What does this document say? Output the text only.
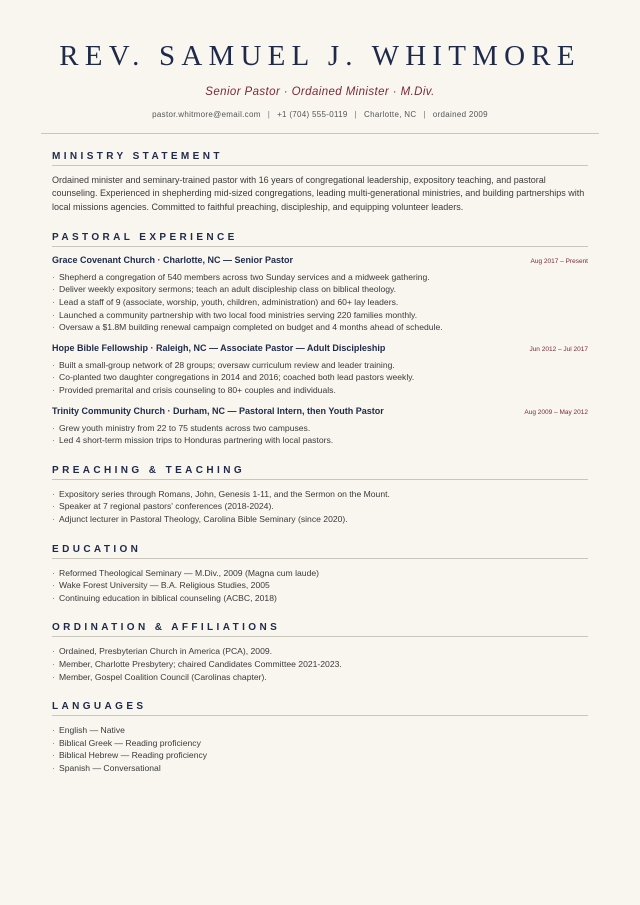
REV. SAMUEL J. WHITMORE
Senior Pastor · Ordained Minister · M.Div.
pastor.whitmore@email.com | +1 (704) 555-0119 | Charlotte, NC | ordained 2009
MINISTRY STATEMENT

Ordained minister and seminary-trained pastor with 16 years of congregational leadership, expository teaching, and pastoral counseling. Experienced in shepherding mid-sized congregations, leading multi-generational ministries, and building partnerships with local missions agencies. Committed to faithful preaching, discipleship, and equipping volunteer leaders.

PASTORAL EXPERIENCE
Grace Covenant Church · Charlotte, NC — Senior Pastor	Aug 2017 – Present
· Shepherd a congregation of 540 members across two Sunday services and a midweek gathering.
· Deliver weekly expository sermons; teach an adult discipleship class on biblical theology.
· Lead a staff of 9 (associate, worship, youth, children, administration) and 60+ lay leaders.
· Launched a community partnership with two local food ministries serving 220 families monthly.
· Oversaw a $1.8M building renewal campaign completed on budget and 4 months ahead of schedule.
Hope Bible Fellowship · Raleigh, NC — Associate Pastor — Adult Discipleship	Jun 2012 – Jul 2017
· Built a small-group network of 28 groups; oversaw curriculum review and leader training.
· Co-planted two daughter congregations in 2014 and 2016; coached both lead pastors weekly.
· Provided premarital and crisis counseling to 80+ couples and individuals.
Trinity Community Church · Durham, NC — Pastoral Intern, then Youth Pastor	Aug 2009 – May 2012
· Grew youth ministry from 22 to 75 students across two campuses.
· Led 4 short-term mission trips to Honduras partnering with local pastors.
PREACHING & TEACHING
· Expository series through Romans, John, Genesis 1-11, and the Sermon on the Mount.
· Speaker at 7 regional pastors' conferences (2018-2024).
· Adjunct lecturer in Pastoral Theology, Carolina Bible Seminary (since 2020).
EDUCATION
· Reformed Theological Seminary — M.Div., 2009 (Magna cum laude)
· Wake Forest University — B.A. Religious Studies, 2005
· Continuing education in biblical counseling (ACBC, 2018)
ORDINATION & AFFILIATIONS
· Ordained, Presbyterian Church in America (PCA), 2009.
· Member, Charlotte Presbytery; chaired Candidates Committee 2021-2023.
· Member, Gospel Coalition Council (Carolinas chapter).
LANGUAGES
· English — Native
· Biblical Greek — Reading proficiency
· Biblical Hebrew — Reading proficiency
· Spanish — Conversational
